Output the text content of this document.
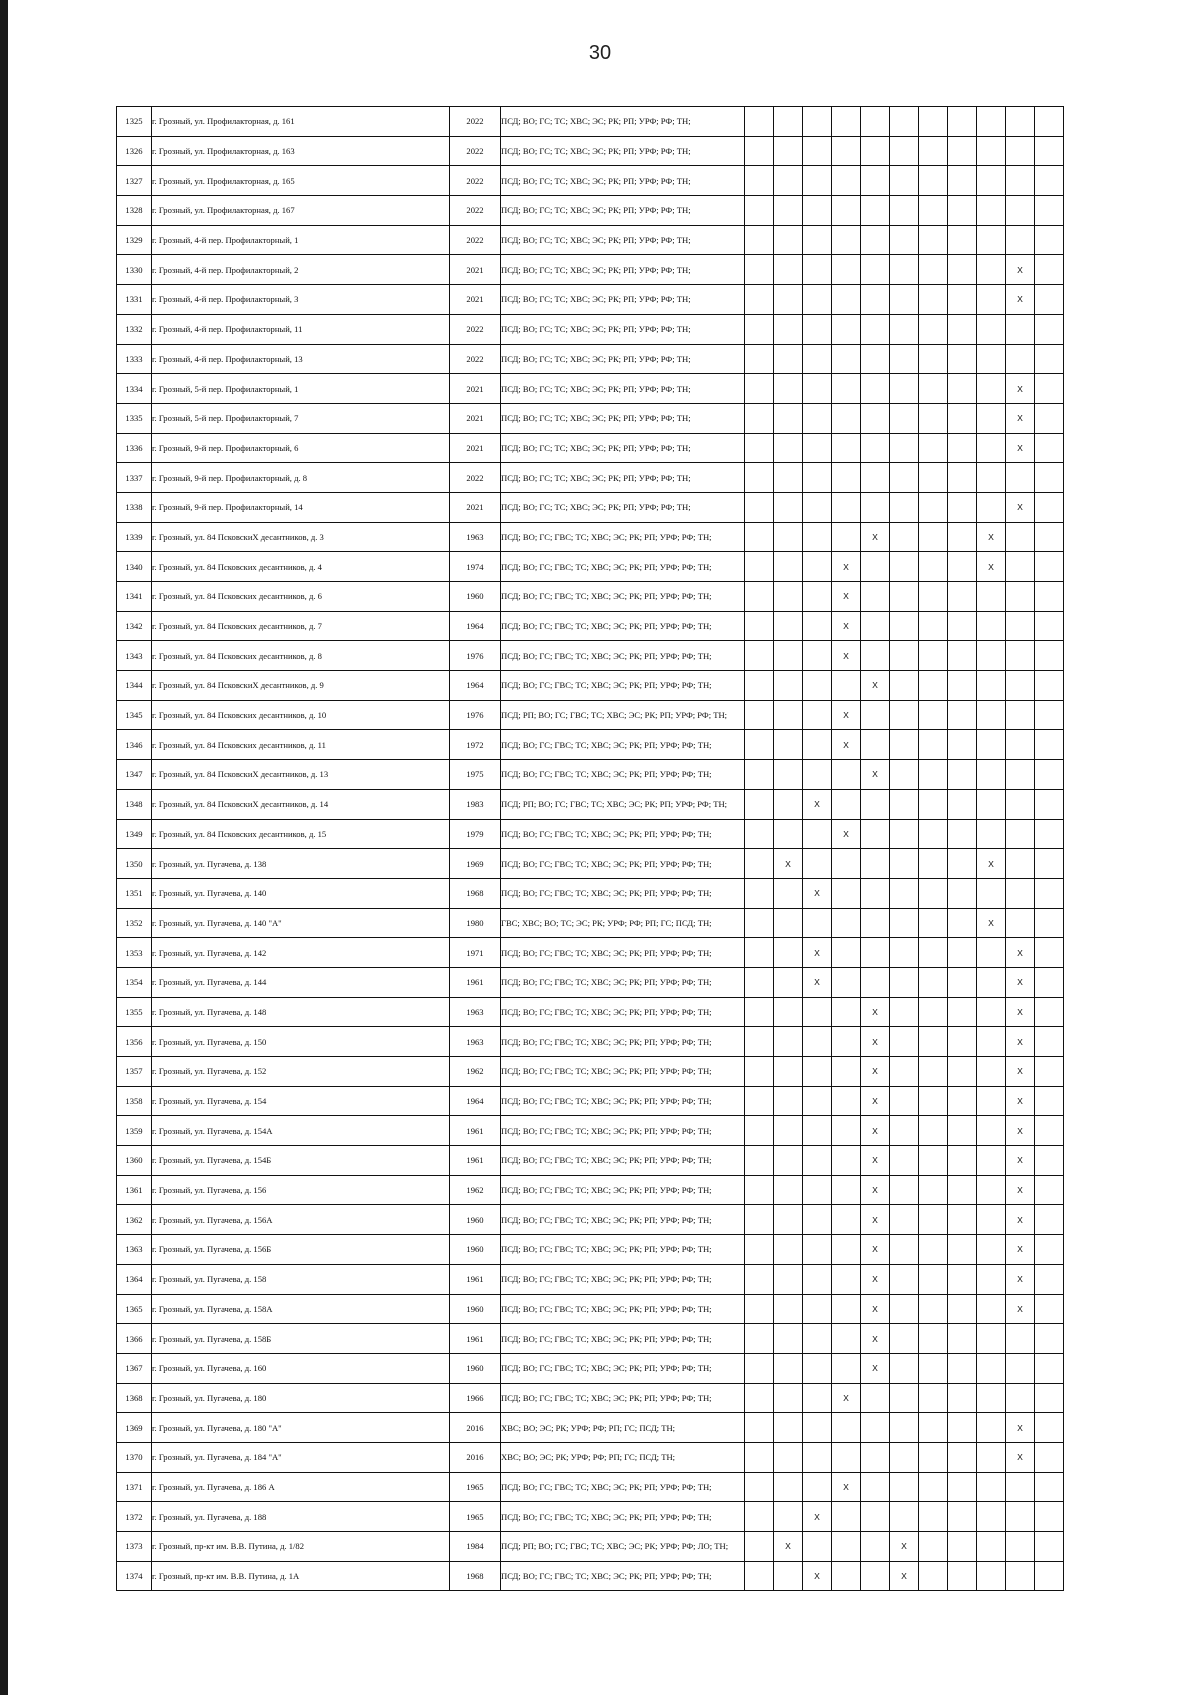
30
1325	г. Грозный, ул. Профилакторная, д. 161	2022	ПСД; ВО; ГС; ТС; ХВС; ЭС; РК; РП; УРФ; РФ; ТН;											

1326	г. Грозный, ул. Профилакторная, д. 163	2022	ПСД; ВО; ГС; ТС; ХВС; ЭС; РК; РП; УРФ; РФ; ТН;											

1327	г. Грозный, ул. Профилакторная, д. 165	2022	ПСД; ВО; ГС; ТС; ХВС; ЭС; РК; РП; УРФ; РФ; ТН;											

1328	г. Грозный, ул. Профилакторная, д. 167	2022	ПСД; ВО; ГС; ТС; ХВС; ЭС; РК; РП; УРФ; РФ; ТН;											

1329	г. Грозный, 4-й пер. Профилакторный, 1	2022	ПСД; ВО; ГС; ТС; ХВС; ЭС; РК; РП; УРФ; РФ; ТН;											

1330	г. Грозный, 4-й пер. Профилакторный, 2	2021	ПСД; ВО; ГС; ТС; ХВС; ЭС; РК; РП; УРФ; РФ; ТН;										X	
1331	г. Грозный, 4-й пер. Профилакторный, 3	2021	ПСД; ВО; ГС; ТС; ХВС; ЭС; РК; РП; УРФ; РФ; ТН;										X	
1332	г. Грозный, 4-й пер. Профилакторный, 11	2022	ПСД; ВО; ГС; ТС; ХВС; ЭС; РК; РП; УРФ; РФ; ТН;											

1333	г. Грозный, 4-й пер. Профилакторный, 13	2022	ПСД; ВО; ГС; ТС; ХВС; ЭС; РК; РП; УРФ; РФ; ТН;											

1334	г. Грозный, 5-й пер. Профилакторный, 1	2021	ПСД; ВО; ГС; ТС; ХВС; ЭС; РК; РП; УРФ; РФ; ТН;										X	
1335	г. Грозный, 5-й пер. Профилакторный, 7	2021	ПСД; ВО; ГС; ТС; ХВС; ЭС; РК; РП; УРФ; РФ; ТН;										X	
1336	г. Грозный, 9-й пер. Профилакторный, 6	2021	ПСД; ВО; ГС; ТС; ХВС; ЭС; РК; РП; УРФ; РФ; ТН;										X	
1337	г. Грозный, 9-й пер. Профилакторный, д. 8	2022	ПСД; ВО; ГС; ТС; ХВС; ЭС; РК; РП; УРФ; РФ; ТН;											

1338	г. Грозный, 9-й пер. Профилакторный, 14	2021	ПСД; ВО; ГС; ТС; ХВС; ЭС; РК; РП; УРФ; РФ; ТН;										X	
1339	г. Грозный, ул. 84 ПсковскиХ десантников, д. 3	1963	ПСД; ВО; ГС; ГВС; ТС; ХВС; ЭС; РК; РП; УРФ; РФ; ТН;					X				X		
1340	г. Грозный, ул. 84 Псковских десантников, д. 4	1974	ПСД; ВО; ГС; ГВС; ТС; ХВС; ЭС; РК; РП; УРФ; РФ; ТН;				X					X		
1341	г. Грозный, ул. 84 Псковских десантников, д. 6	1960	ПСД; ВО; ГС; ГВС; ТС; ХВС; ЭС; РК; РП; УРФ; РФ; ТН;				X							
1342	г. Грозный, ул. 84 Псковских десантников, д. 7	1964	ПСД; ВО; ГС; ГВС; ТС; ХВС; ЭС; РК; РП; УРФ; РФ; ТН;				X							
1343	г. Грозный, ул. 84 Псковских десантников, д. 8	1976	ПСД; ВО; ГС; ГВС; ТС; ХВС; ЭС; РК; РП; УРФ; РФ; ТН;				X							
1344	г. Грозный, ул. 84 ПсковскиХ десантников, д. 9	1964	ПСД; ВО; ГС; ГВС; ТС; ХВС; ЭС; РК; РП; УРФ; РФ; ТН;					X						
1345	г. Грозный, ул. 84 Псковских десантников, д. 10	1976	ПСД; РП; ВО; ГС; ГВС; ТС; ХВС; ЭС; РК; РП; УРФ; РФ; ТН;				X							
1346	г. Грозный, ул. 84 Псковских десантников, д. 11	1972	ПСД; ВО; ГС; ГВС; ТС; ХВС; ЭС; РК; РП; УРФ; РФ; ТН;				X							
1347	г. Грозный, ул. 84 ПсковскиХ десантников, д. 13	1975	ПСД; ВО; ГС; ГВС; ТС; ХВС; ЭС; РК; РП; УРФ; РФ; ТН;					X						
1348	г. Грозный, ул. 84 ПсковскиХ десантников, д. 14	1983	ПСД; РП; ВО; ГС; ГВС; ТС; ХВС; ЭС; РК; РП; УРФ; РФ; ТН;			X								
1349	г. Грозный, ул. 84 Псковских десантников, д. 15	1979	ПСД; ВО; ГС; ГВС; ТС; ХВС; ЭС; РК; РП; УРФ; РФ; ТН;				X							
1350	г. Грозный, ул. Пугачева, д. 138	1969	ПСД; ВО; ГС; ГВС; ТС; ХВС; ЭС; РК; РП; УРФ; РФ; ТН;		X							X		
1351	г. Грозный, ул. Пугачева, д. 140	1968	ПСД; ВО; ГС; ГВС; ТС; ХВС; ЭС; РК; РП; УРФ; РФ; ТН;			X								
1352	г. Грозный, ул. Пугачева, д. 140 "А"	1980	ГВС; ХВС; ВО; ТС; ЭС; РК; УРФ; РФ; РП; ГС; ПСД; ТН;									X		
1353	г. Грозный, ул. Пугачева, д. 142	1971	ПСД; ВО; ГС; ГВС; ТС; ХВС; ЭС; РК; РП; УРФ; РФ; ТН;			X							X	
1354	г. Грозный, ул. Пугачева, д. 144	1961	ПСД; ВО; ГС; ГВС; ТС; ХВС; ЭС; РК; РП; УРФ; РФ; ТН;			X							X	
1355	г. Грозный, ул. Пугачева, д. 148	1963	ПСД; ВО; ГС; ГВС; ТС; ХВС; ЭС; РК; РП; УРФ; РФ; ТН;					X					X	
1356	г. Грозный, ул. Пугачева, д. 150	1963	ПСД; ВО; ГС; ГВС; ТС; ХВС; ЭС; РК; РП; УРФ; РФ; ТН;					X					X	
1357	г. Грозный, ул. Пугачева, д. 152	1962	ПСД; ВО; ГС; ГВС; ТС; ХВС; ЭС; РК; РП; УРФ; РФ; ТН;					X					X	
1358	г. Грозный, ул. Пугачева, д. 154	1964	ПСД; ВО; ГС; ГВС; ТС; ХВС; ЭС; РК; РП; УРФ; РФ; ТН;					X					X	
1359	г. Грозный, ул. Пугачева, д. 154А	1961	ПСД; ВО; ГС; ГВС; ТС; ХВС; ЭС; РК; РП; УРФ; РФ; ТН;					X					X	
1360	г. Грозный, ул. Пугачева, д. 154Б	1961	ПСД; ВО; ГС; ГВС; ТС; ХВС; ЭС; РК; РП; УРФ; РФ; ТН;					X					X	
1361	г. Грозный, ул. Пугачева, д. 156	1962	ПСД; ВО; ГС; ГВС; ТС; ХВС; ЭС; РК; РП; УРФ; РФ; ТН;					X					X	
1362	г. Грозный, ул. Пугачева, д. 156А	1960	ПСД; ВО; ГС; ГВС; ТС; ХВС; ЭС; РК; РП; УРФ; РФ; ТН;					X					X	
1363	г. Грозный, ул. Пугачева, д. 156Б	1960	ПСД; ВО; ГС; ГВС; ТС; ХВС; ЭС; РК; РП; УРФ; РФ; ТН;					X					X	
1364	г. Грозный, ул. Пугачева, д. 158	1961	ПСД; ВО; ГС; ГВС; ТС; ХВС; ЭС; РК; РП; УРФ; РФ; ТН;					X					X	
1365	г. Грозный, ул. Пугачева, д. 158А	1960	ПСД; ВО; ГС; ГВС; ТС; ХВС; ЭС; РК; РП; УРФ; РФ; ТН;					X					X	
1366	г. Грозный, ул. Пугачева, д. 158Б	1961	ПСД; ВО; ГС; ГВС; ТС; ХВС; ЭС; РК; РП; УРФ; РФ; ТН;					X						
1367	г. Грозный, ул. Пугачева, д. 160	1960	ПСД; ВО; ГС; ГВС; ТС; ХВС; ЭС; РК; РП; УРФ; РФ; ТН;					X						
1368	г. Грозный, ул. Пугачева, д. 180	1966	ПСД; ВО; ГС; ГВС; ТС; ХВС; ЭС; РК; РП; УРФ; РФ; ТН;				X							
1369	г. Грозный, ул. Пугачева, д. 180 "А"	2016	ХВС; ВО; ЭС; РК; УРФ; РФ; РП; ГС; ПСД; ТН;										X	
1370	г. Грозный, ул. Пугачева, д. 184 "А"	2016	ХВС; ВО; ЭС; РК; УРФ; РФ; РП; ГС; ПСД; ТН;										X	
1371	г. Грозный, ул. Пугачева, д. 186 А	1965	ПСД; ВО; ГС; ГВС; ТС; ХВС; ЭС; РК; РП; УРФ; РФ; ТН;				X							
1372	г. Грозный, ул. Пугачева, д. 188	1965	ПСД; ВО; ГС; ГВС; ТС; ХВС; ЭС; РК; РП; УРФ; РФ; ТН;			X								
1373	г. Грозный, пр-кт им. В.В. Путина, д. 1/82	1984	ПСД; РП; ВО; ГС; ГВС; ТС; ХВС; ЭС; РК; УРФ; РФ; ЛО; ТН;		X				X					
1374	г. Грозный, пр-кт им. В.В. Путина, д. 1А	1968	ПСД; ВО; ГС; ГВС; ТС; ХВС; ЭС; РК; РП; УРФ; РФ; ТН;			X			X					
